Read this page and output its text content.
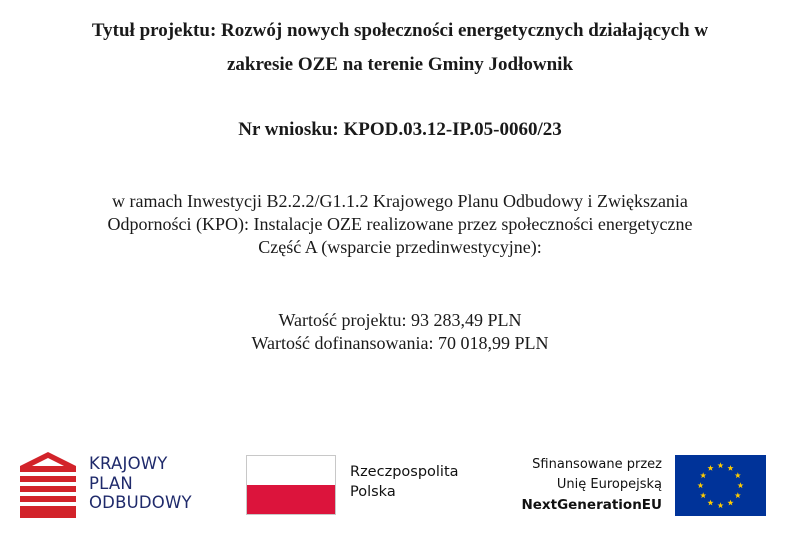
Tytuł projektu: Rozwój nowych społeczności energetycznych działających w
zakresie OZE na terenie Gminy Jodłownik
Nr wniosku: KPOD.03.12-IP.05-0060/23
w ramach Inwestycji B2.2.2/G1.1.2 Krajowego Planu Odbudowy i Zwiększania
Odporności (KPO): Instalacje OZE realizowane przez społeczności energetyczne
Część A (wsparcie przedinwestycyjne):
Wartość projektu: 93 283,49 PLN
Wartość dofinansowania: 70 018,99 PLN
KRAJOWY
PLAN
ODBUDOWY
Rzeczpospolita
Polska
Sfinansowane przez
Unię Europejską
NextGenerationEU
